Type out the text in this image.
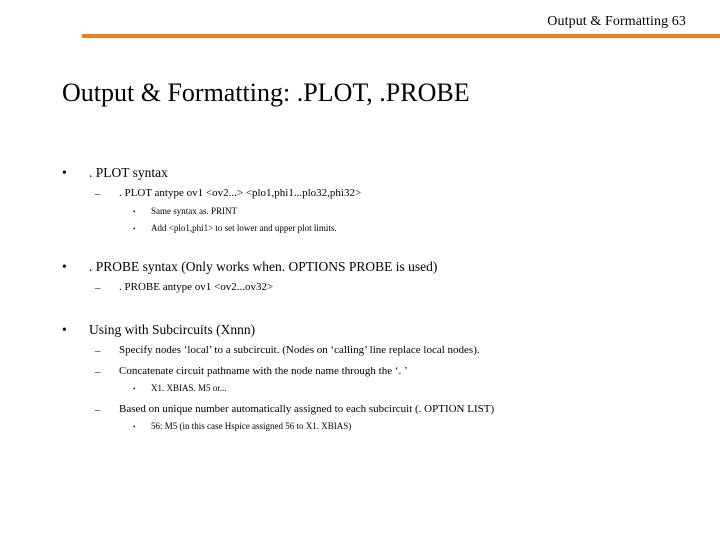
Output & Formatting 63
Output & Formatting: .PLOT, .PROBE
• . PLOT syntax
– . PLOT antype ov1 <ov2...> <plo1,phi1...plo32,phi32>
• Same syntax as. PRINT
• Add <plo1,phi1> to set lower and upper plot limits.
• . PROBE syntax (Only works when. OPTIONS PROBE is used)
– . PROBE antype ov1 <ov2...ov32>
• Using with Subcircuits (Xnnn)
– Specify nodes ‘local’ to a subcircuit. (Nodes on ‘calling’ line replace local nodes).
– Concatenate circuit pathname with the node name through the ‘. ’
• X1. XBIAS. M5 or...
– Based on unique number automatically assigned to each subcircuit (. OPTION LIST)
• 56: M5 (in this case Hspice assigned 56 to X1. XBIAS)
